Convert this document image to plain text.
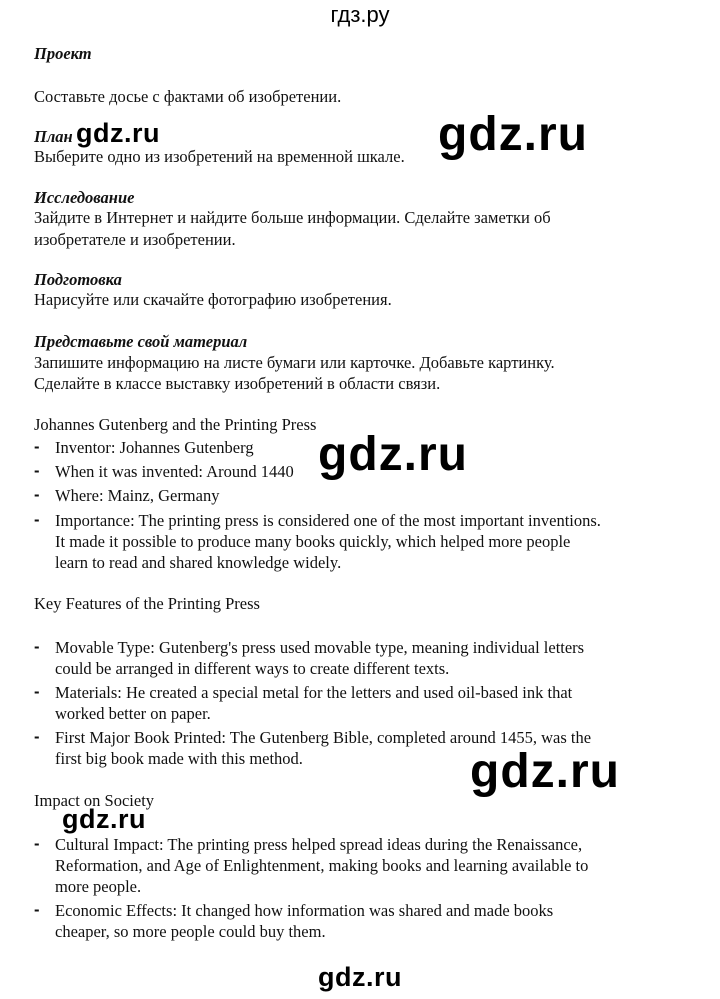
гдз.ру
Проект
Составьте досье с фактами об изобретении.
План
Выберите одно из изобретений на временной шкале.
Исследование
Зайдите в Интернет и найдите больше информации. Сделайте заметки об
изобретателе и изобретении.
Подготовка
Нарисуйте или скачайте фотографию изобретения.
Представьте свой материал
Запишите информацию на листе бумаги или карточке. Добавьте картинку.
Сделайте в классе выставку изобретений в области связи.
Johannes Gutenberg and the Printing Press
- Inventor: Johannes Gutenberg
- When it was invented: Around 1440
- Where: Mainz, Germany
- Importance: The printing press is considered one of the most important inventions.
It made it possible to produce many books quickly, which helped more people
learn to read and shared knowledge widely.
Key Features of the Printing Press
- Movable Type: Gutenberg's press used movable type, meaning individual letters
could be arranged in different ways to create different texts.
- Materials: He created a special metal for the letters and used oil-based ink that
worked better on paper.
- First Major Book Printed: The Gutenberg Bible, completed around 1455, was the
first big book made with this method.
Impact on Society
- Cultural Impact: The printing press helped spread ideas during the Renaissance,
Reformation, and Age of Enlightenment, making books and learning available to
more people.
- Economic Effects: It changed how information was shared and made books
cheaper, so more people could buy them.
gdz.ru	gdz.ru
gdz.ru
gdz.ru
gdz.ru
gdz.ru
